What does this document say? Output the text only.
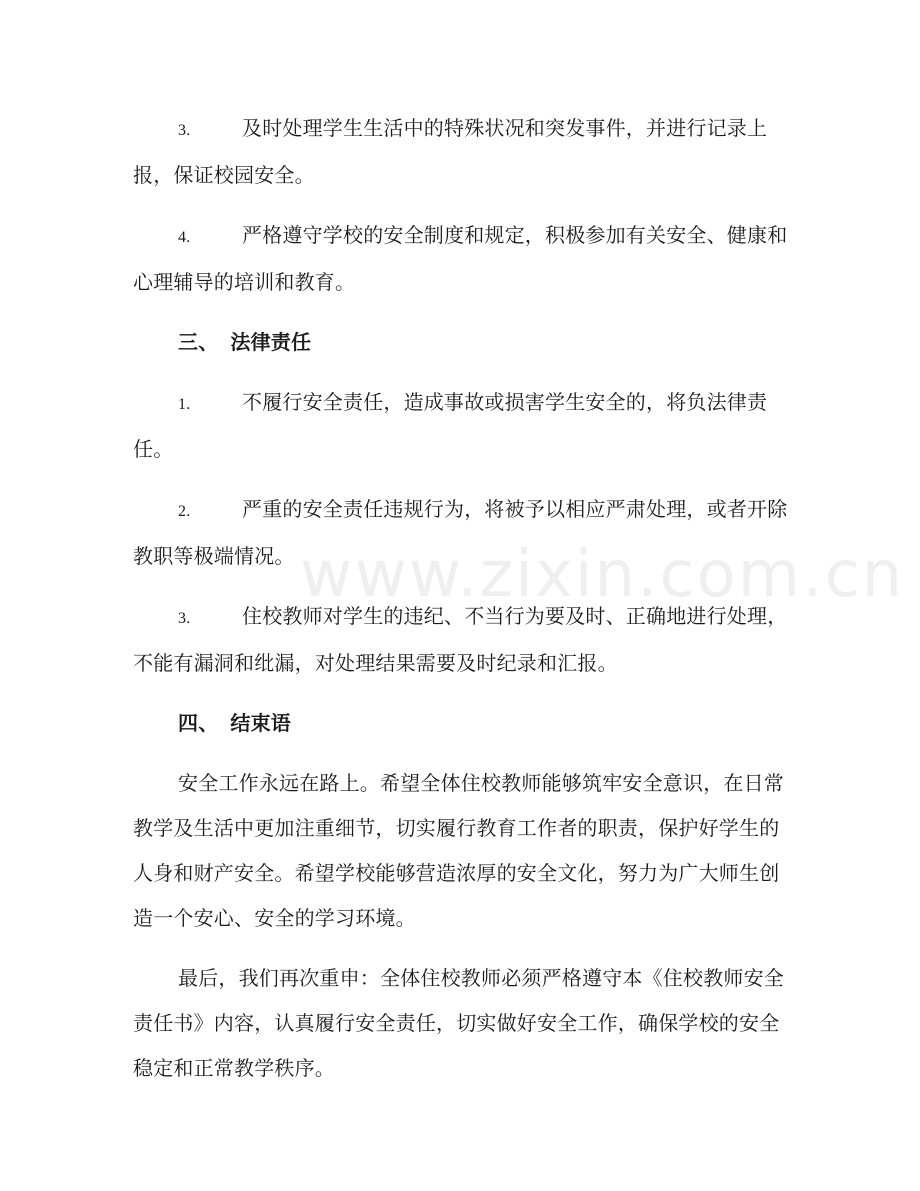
3.	及时处理学生生活中的特殊状况和突发事件，并进行记录上报，保证校园安全。

4.	严格遵守学校的安全制度和规定，积极参加有关安全、健康和心理辅导的培训和教育。

三、 法律责任

1.	不履行安全责任，造成事故或损害学生安全的，将负法律责任。

2.	严重的安全责任违规行为，将被予以相应严肃处理，或者开除教职等极端情况。

3.	住校教师对学生的违纪、不当行为要及时、正确地进行处理，不能有漏洞和纰漏，对处理结果需要及时纪录和汇报。

四、 结束语

安全工作永远在路上。希望全体住校教师能够筑牢安全意识，在日常教学及生活中更加注重细节，切实履行教育工作者的职责，保护好学生的人身和财产安全。希望学校能够营造浓厚的安全文化，努力为广大师生创造一个安心、安全的学习环境。

最后，我们再次重申：全体住校教师必须严格遵守本《住校教师安全责任书》内容，认真履行安全责任，切实做好安全工作，确保学校的安全稳定和正常教学秩序。

www.zixin.com.cn
